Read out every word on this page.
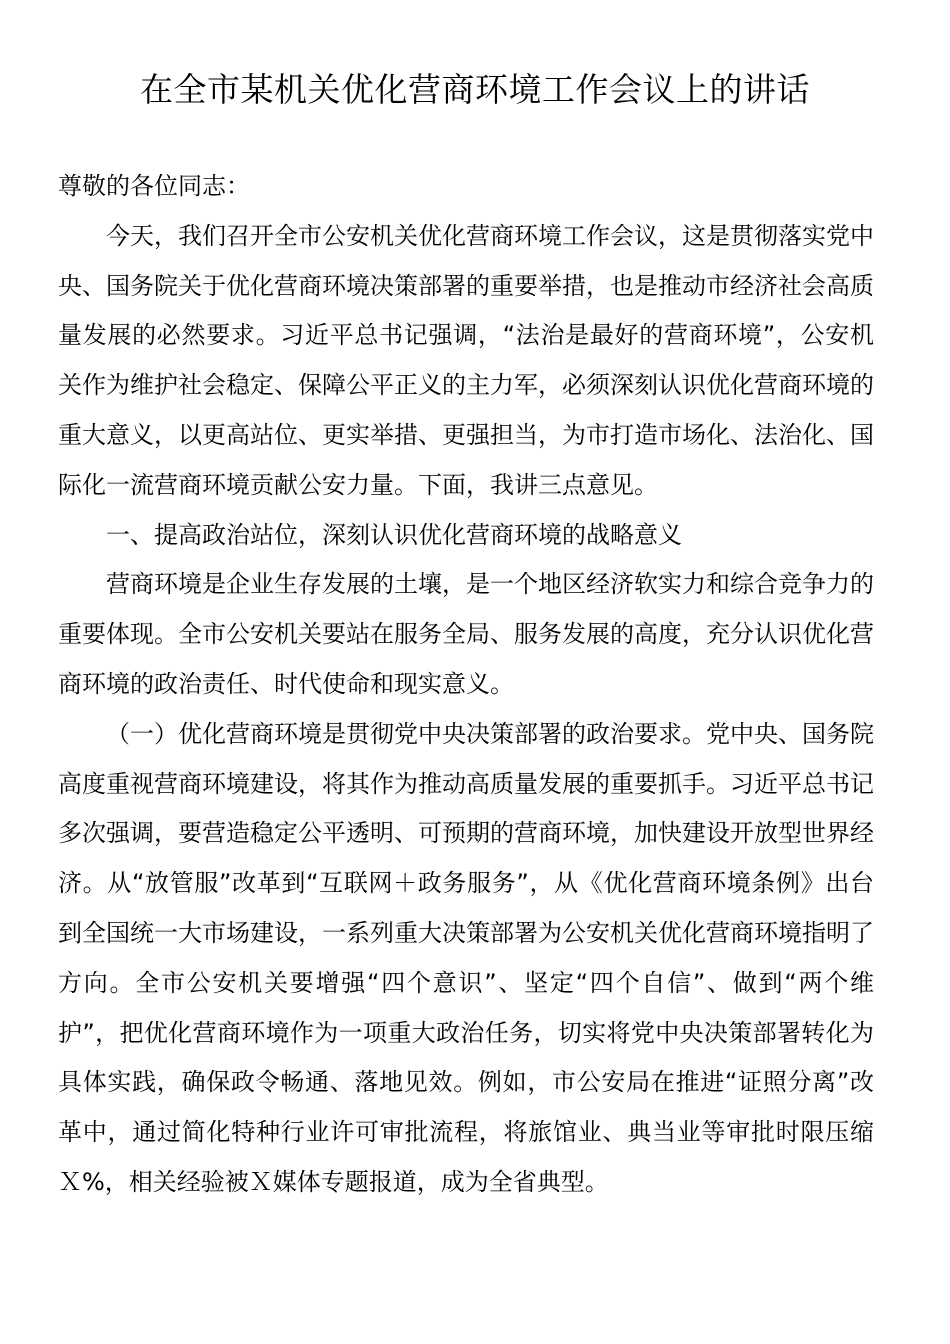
在全市某机关优化营商环境工作会议上的讲话

尊敬的各位同志：

今天，我们召开全市公安机关优化营商环境工作会议，这是贯彻落实党中央、国务院关于优化营商环境决策部署的重要举措，也是推动市经济社会高质量发展的必然要求。习近平总书记强调，“法治是最好的营商环境”，公安机关作为维护社会稳定、保障公平正义的主力军，必须深刻认识优化营商环境的重大意义，以更高站位、更实举措、更强担当，为市打造市场化、法治化、国际化一流营商环境贡献公安力量。下面，我讲三点意见。

一、提高政治站位，深刻认识优化营商环境的战略意义

营商环境是企业生存发展的土壤，是一个地区经济软实力和综合竞争力的重要体现。全市公安机关要站在服务全局、服务发展的高度，充分认识优化营商环境的政治责任、时代使命和现实意义。

（一）优化营商环境是贯彻党中央决策部署的政治要求。党中央、国务院高度重视营商环境建设，将其作为推动高质量发展的重要抓手。习近平总书记多次强调，要营造稳定公平透明、可预期的营商环境，加快建设开放型世界经济。从“放管服”改革到“互联网＋政务服务”，从《优化营商环境条例》出台到全国统一大市场建设，一系列重大决策部署为公安机关优化营商环境指明了方向。全市公安机关要增强“四个意识”、坚定“四个自信”、做到“两个维护”，把优化营商环境作为一项重大政治任务，切实将党中央决策部署转化为具体实践，确保政令畅通、落地见效。例如，市公安局在推进“证照分离”改革中，通过简化特种行业许可审批流程，将旅馆业、典当业等审批时限压缩Ｘ%，相关经验被Ｘ媒体专题报道，成为全省典型。
